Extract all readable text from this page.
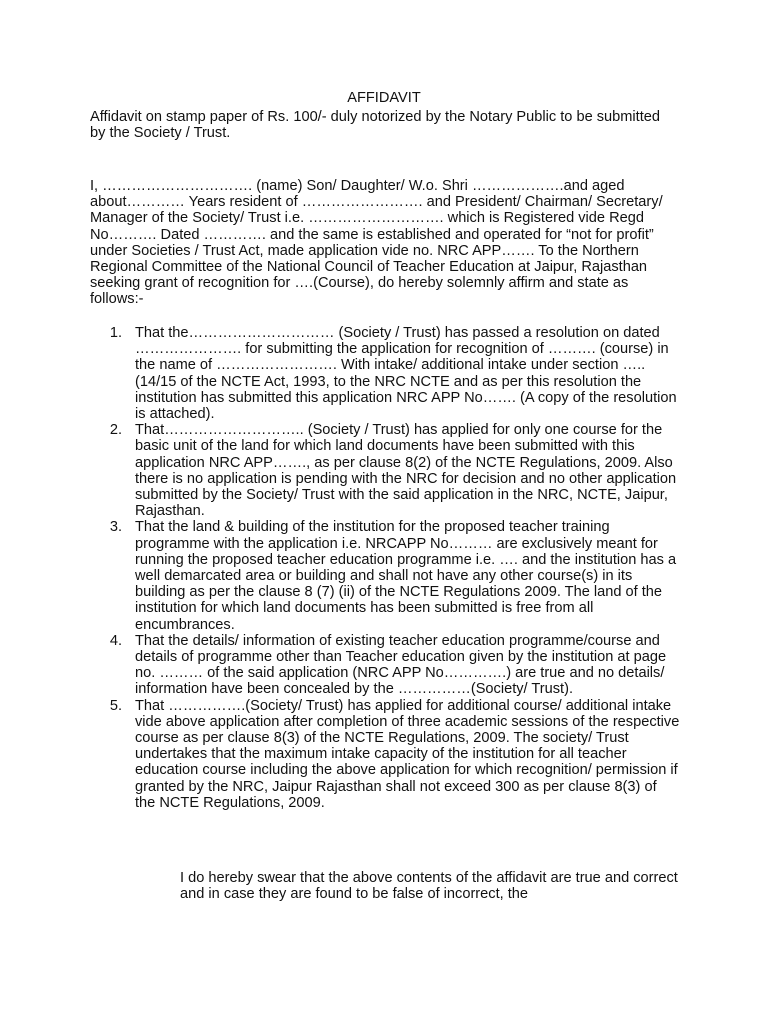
AFFIDAVIT

Affidavit on stamp paper of Rs. 100/- duly notorized by the Notary Public to be submitted by the Society / Trust.

I, …………………………. (name) Son/ Daughter/ W.o. Shri ……………….and aged about………… Years resident of ……………………. and President/ Chairman/ Secretary/ Manager of the Society/ Trust i.e. ………………………. which is Registered vide Regd No………. Dated …………. and the same is established and operated for “not for profit” under Societies / Trust Act, made application vide no. NRC APP……. To the Northern Regional Committee of the National Council of Teacher Education at Jaipur, Rajasthan seeking grant of recognition for ….(Course), do hereby solemnly affirm and state as follows:-

1. That the………………………… (Society / Trust) has passed a resolution on dated …………………. for submitting the application for recognition of ………. (course) in the name of ……………………. With intake/ additional intake under section …..(14/15 of the NCTE Act, 1993, to the NRC NCTE and as per this resolution the institution has submitted this application NRC APP No……. (A copy of the resolution is attached).
2. That……………………….. (Society / Trust) has applied for only one course for the basic unit of the land for which land documents have been submitted with this application NRC APP……., as per clause 8(2) of the NCTE Regulations, 2009. Also there is no application is pending with the NRC for decision and no other application submitted by the Society/ Trust with the said application in the NRC, NCTE, Jaipur, Rajasthan.
3. That the land & building of the institution for the proposed teacher training programme with the application i.e. NRCAPP No……… are exclusively meant for running the proposed teacher education programme i.e. …. and the institution has a well demarcated area or building and shall not have any other course(s) in its building as per the clause 8 (7) (ii) of the NCTE Regulations 2009. The land of the institution for which land documents has been submitted is free from all encumbrances.
4. That the details/ information of existing teacher education programme/course and details of programme other than Teacher education given by the institution at page no. ……… of the said application (NRC APP No………….) are true and no details/ information have been concealed by the ……………(Society/ Trust).
5. That …………….(Society/ Trust) has applied for additional course/ additional intake vide above application after completion of three academic sessions of the respective course as per clause 8(3) of the NCTE Regulations, 2009. The society/ Trust undertakes that the maximum intake capacity of the institution for all teacher education course including the above application for which recognition/ permission if granted by the NRC, Jaipur Rajasthan shall not exceed 300 as per clause 8(3) of the NCTE Regulations, 2009.

I do hereby swear that the above contents of the affidavit are true and correct and in case they are found to be false of incorrect, the
